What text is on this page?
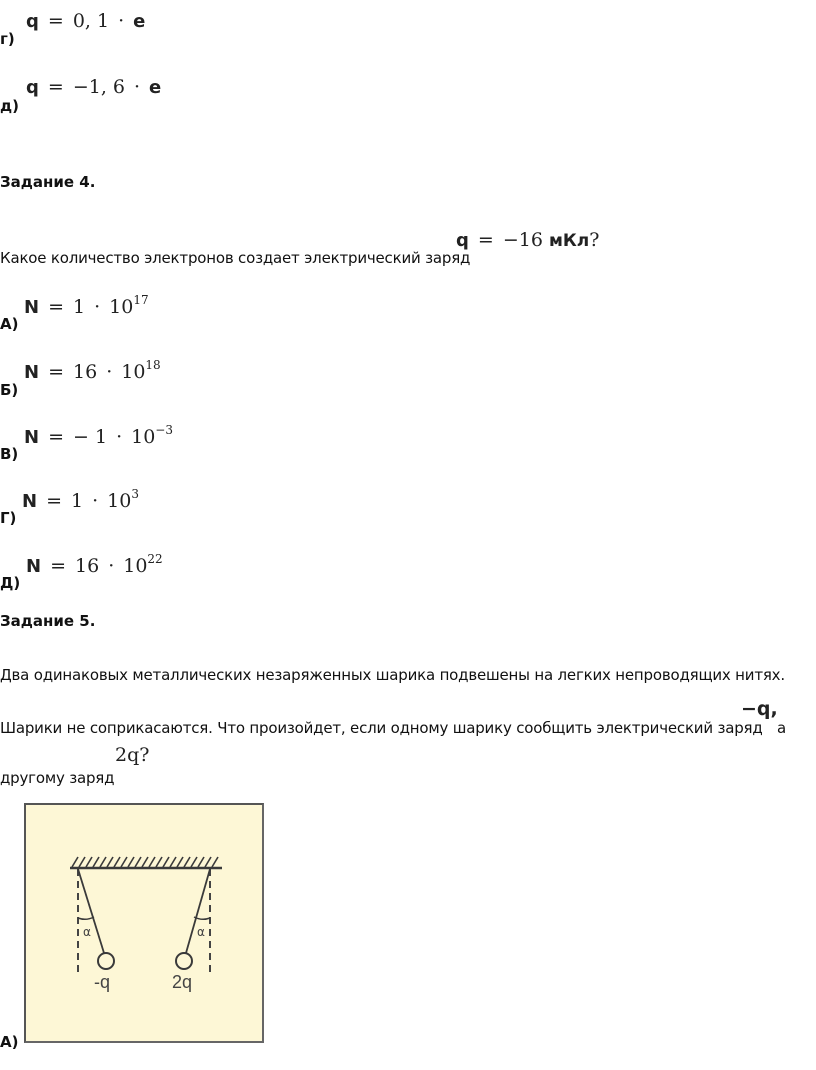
г)
q = 0, 1 · e
д)
q = −1, 6 · e
Задание 4.
Какое количество электронов создает электрический заряд
q = −16 мКл?
А)
$N = 1 \cdot 10^{17}$
Б)
$N = 16 \cdot 10^{18}$
В)
N = − $1 \cdot 10^{-3}$
Г)
$N = 1 \cdot 10^3$
Д)
$N = 16 \cdot 10^{22}$
Задание 5.
Два одинаковых металлических незаряженных шарика подвешены на легких непроводящих нитях.
Шарики не соприкасаются. Что произойдет, если одному шарику сообщить электрический заряд
−q,
а
другому заряд
2q?
А)
α	α
-q	2q
